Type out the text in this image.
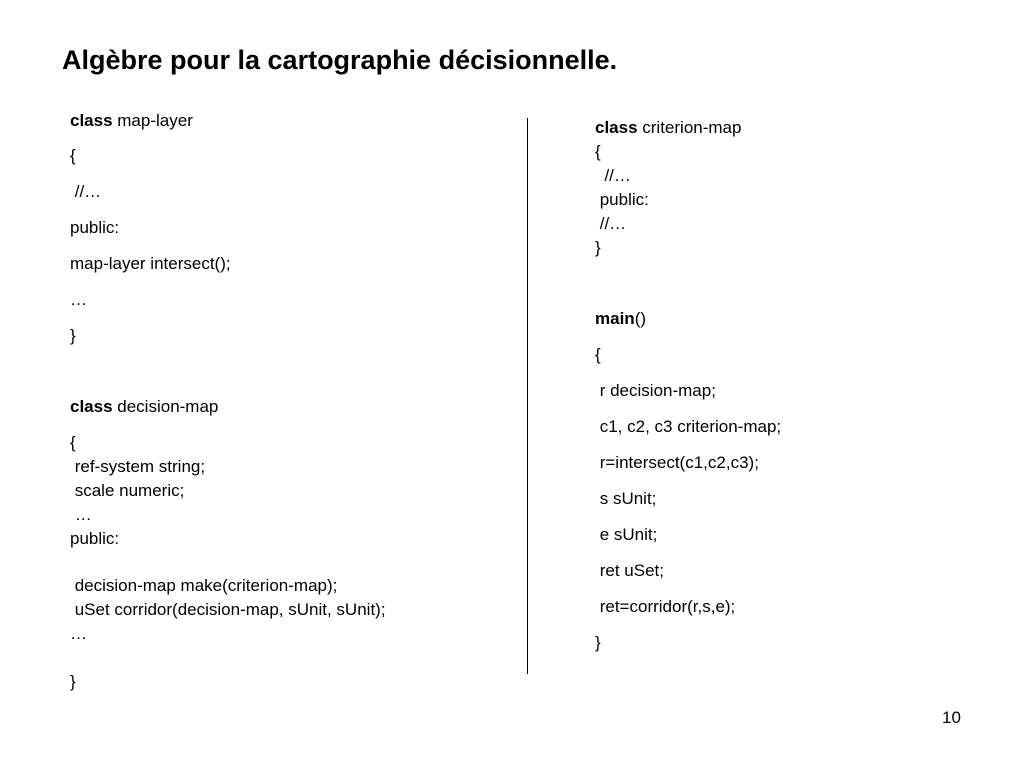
Algèbre pour la cartographie décisionnelle.
class map-layer
{
//…
public:
map-layer intersect();
…
}
class decision-map
{
ref-system string;
scale numeric;
…
public:
decision-map make(criterion-map);
uSet corridor(decision-map, sUnit, sUnit);
…
}
class criterion-map
{
//…
public:
//…
}
main()
{
r decision-map;
c1, c2, c3 criterion-map;
r=intersect(c1,c2,c3);
s sUnit;
e sUnit;
ret uSet;
ret=corridor(r,s,e);
}
10
